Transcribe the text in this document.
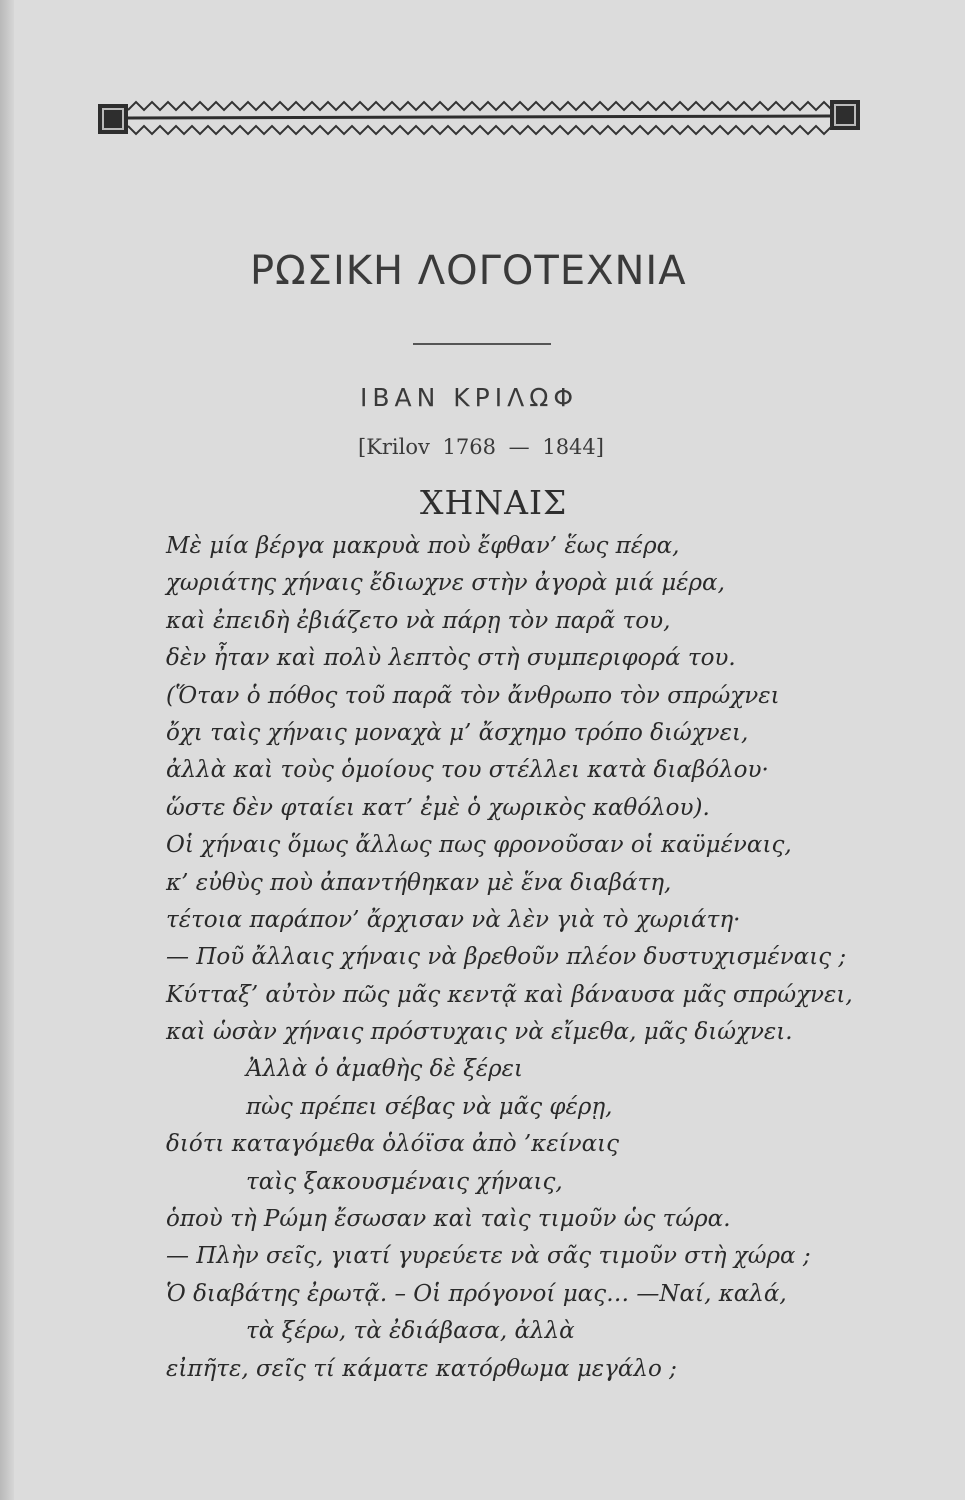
ΡΩΣΙΚΗ ΛΟΓΟΤΕΧΝΙΑ
ΙΒΑΝ ΚΡΙΛΩΦ
[Krilov 1768 — 1844]
ΧΗΝΑΙΣ
Μὲ μία βέργα μακρυὰ ποὺ ἔφθαν’ ἕως πέρα,
χωριάτης χήναις ἔδιωχνε στὴν ἀγορὰ μιά μέρα,
καὶ ἐπειδὴ ἐβιάζετο νὰ πάρῃ τὸν παρᾶ του,
δὲν ἦταν καὶ πολὺ λεπτὸς στὴ συμπεριφορά του.
(Ὅταν ὁ πόθος τοῦ παρᾶ τὸν ἄνθρωπο τὸν σπρώχνει
ὄχι ταὶς χήναις μοναχὰ μ’ ἄσχημο τρόπο διώχνει,
ἀλλὰ καὶ τοὺς ὁμοίους του στέλλει κατὰ διαβόλου·
ὥστε δὲν φταίει κατ’ ἐμὲ ὁ χωρικὸς καθόλου).
Οἱ χήναις ὅμως ἄλλως πως φρονοῦσαν οἱ καϋμέναις,
κ’ εὐθὺς ποὺ ἀπαντήθηκαν μὲ ἕνα διαβάτη,
τέτοια παράπον’ ἄρχισαν νὰ λὲν γιὰ τὸ χωριάτη·
— Ποῦ ἄλλαις χήναις νὰ βρεθοῦν πλέον δυστυχισμέναις ;
Κύτταξ’ αὐτὸν πῶς μᾶς κεντᾷ καὶ βάναυσα μᾶς σπρώχνει,
καὶ ὡσὰν χήναις πρόστυχαις νὰ εἴμεθα, μᾶς διώχνει.
Ἀλλὰ ὁ ἀμαθὴς δὲ ξέρει
πὼς πρέπει σέβας νὰ μᾶς φέρῃ,
διότι καταγόμεθα ὁλόϊσα ἀπὸ ’κείναις
ταὶς ξακουσμέναις χήναις,
ὁποὺ τὴ Ρώμη ἔσωσαν καὶ ταὶς τιμοῦν ὡς τώρα.
— Πλὴν σεῖς, γιατί γυρεύετε νὰ σᾶς τιμοῦν στὴ χώρα ;
Ὁ διαβάτης ἐρωτᾷ. – Οἱ πρόγονοί μας… —Ναί, καλά,
τὰ ξέρω, τὰ ἐδιάβασα, ἀλλὰ
εἰπῆτε, σεῖς τί κάματε κατόρθωμα μεγάλο ;
